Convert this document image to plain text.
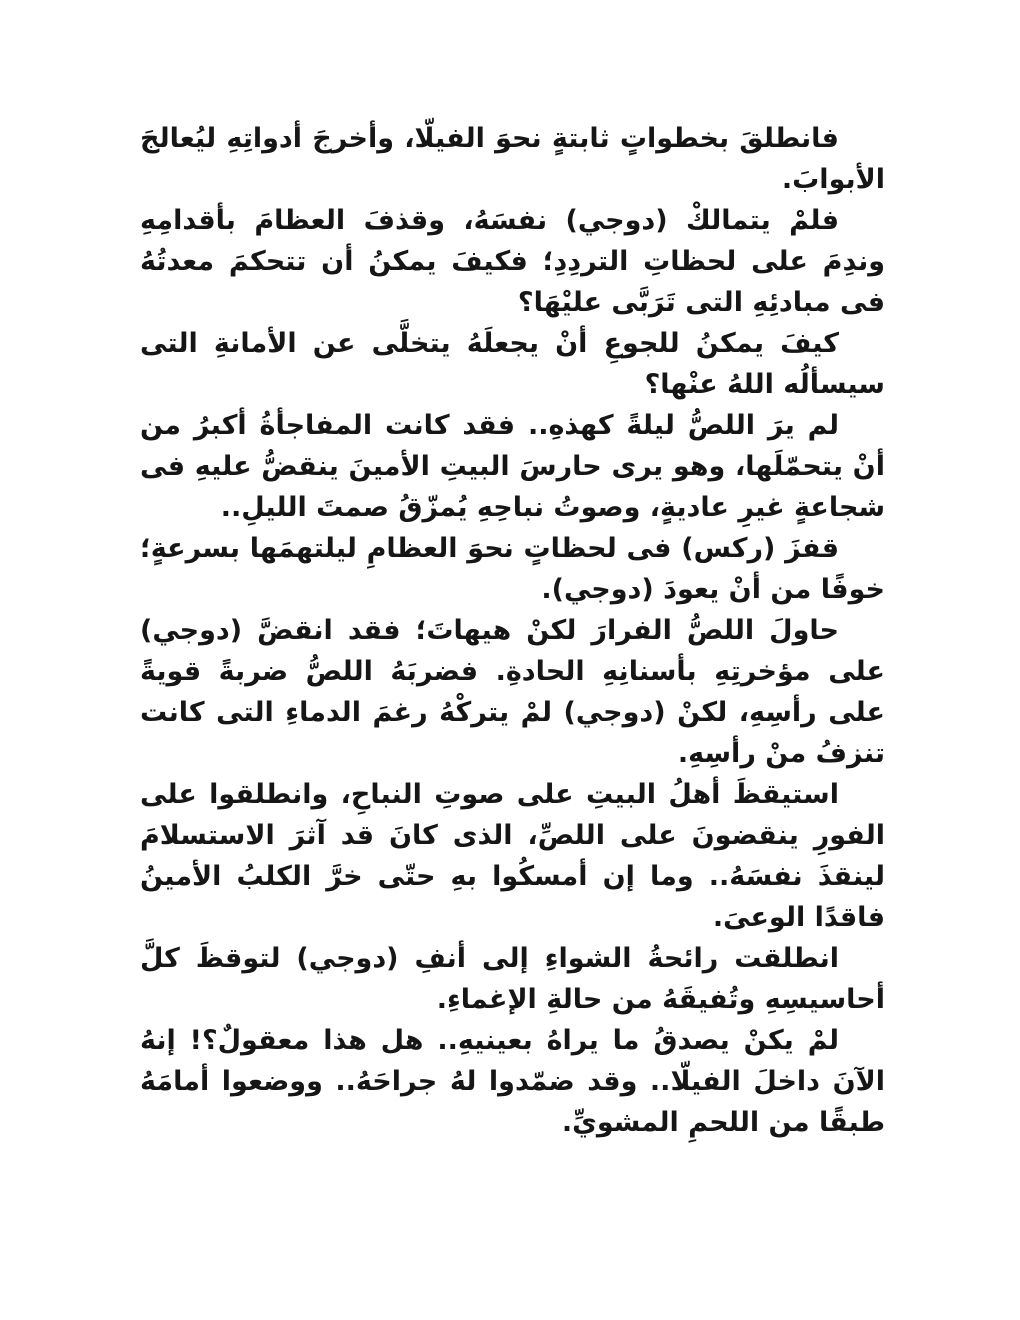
فانطلقَ بخطواتٍ ثابتةٍ نحوَ الفيلّا، وأخرجَ أدواتِهِ ليُعالجَ الأبوابَ.

فلمْ يتمالكْ (دوجي) نفسَهُ، وقذفَ العظامَ بأقدامِهِ وندِمَ على لحظاتِ التردِدِ؛ فكيفَ يمكنُ أن تتحكمَ معدتُهُ فى مبادئِهِ التى تَرَبَّى عليْهَا؟

كيفَ يمكنُ للجوعِ أنْ يجعلَهُ يتخلَّى عن الأمانةِ التى سيسألُه اللهُ عنْها؟

لم يرَ اللصُّ ليلةً كهذهِ.. فقد كانت المفاجأةُ أكبرُ من أنْ يتحمّلَها، وهو يرى حارسَ البيتِ الأمينَ ينقضُّ عليهِ فى شجاعةٍ غيرِ عاديةٍ، وصوتُ نباحِهِ يُمزّقُ صمتَ الليلِ..

قفزَ (ركس) فى لحظاتٍ نحوَ العظامِ ليلتهمَها بسرعةٍ؛ خوفًا من أنْ يعودَ (دوجي).

حاولَ اللصُّ الفرارَ لكنْ هيهاتَ؛ فقد انقضَّ (دوجي) على مؤخرتِهِ بأسنانِهِ الحادةِ. فضربَهُ اللصُّ ضربةً قويةً على رأسِهِ، لكنْ (دوجي) لمْ يتركْهُ رغمَ الدماءِ التى كانت تنزفُ منْ رأسِهِ.

استيقظَ أهلُ البيتِ على صوتِ النباحِ، وانطلقوا على الفورِ ينقضونَ على اللصِّ، الذى كانَ قد آثرَ الاستسلامَ لينقذَ نفسَهُ.. وما إن أمسكُوا بهِ حتّى خرَّ الكلبُ الأمينُ فاقدًا الوعىَ.

انطلقت رائحةُ الشواءِ إلى أنفِ (دوجي) لتوقظَ كلَّ أحاسيسِهِ وتُفيقَهُ من حالةِ الإغماءِ.

لمْ يكنْ يصدقُ ما يراهُ بعينيهِ.. هل هذا معقولٌ؟! إنهُ الآنَ داخلَ الفيلّا.. وقد ضمّدوا لهُ جراحَهُ.. ووضعوا أمامَهُ طبقًا من اللحمِ المشويِّ.
